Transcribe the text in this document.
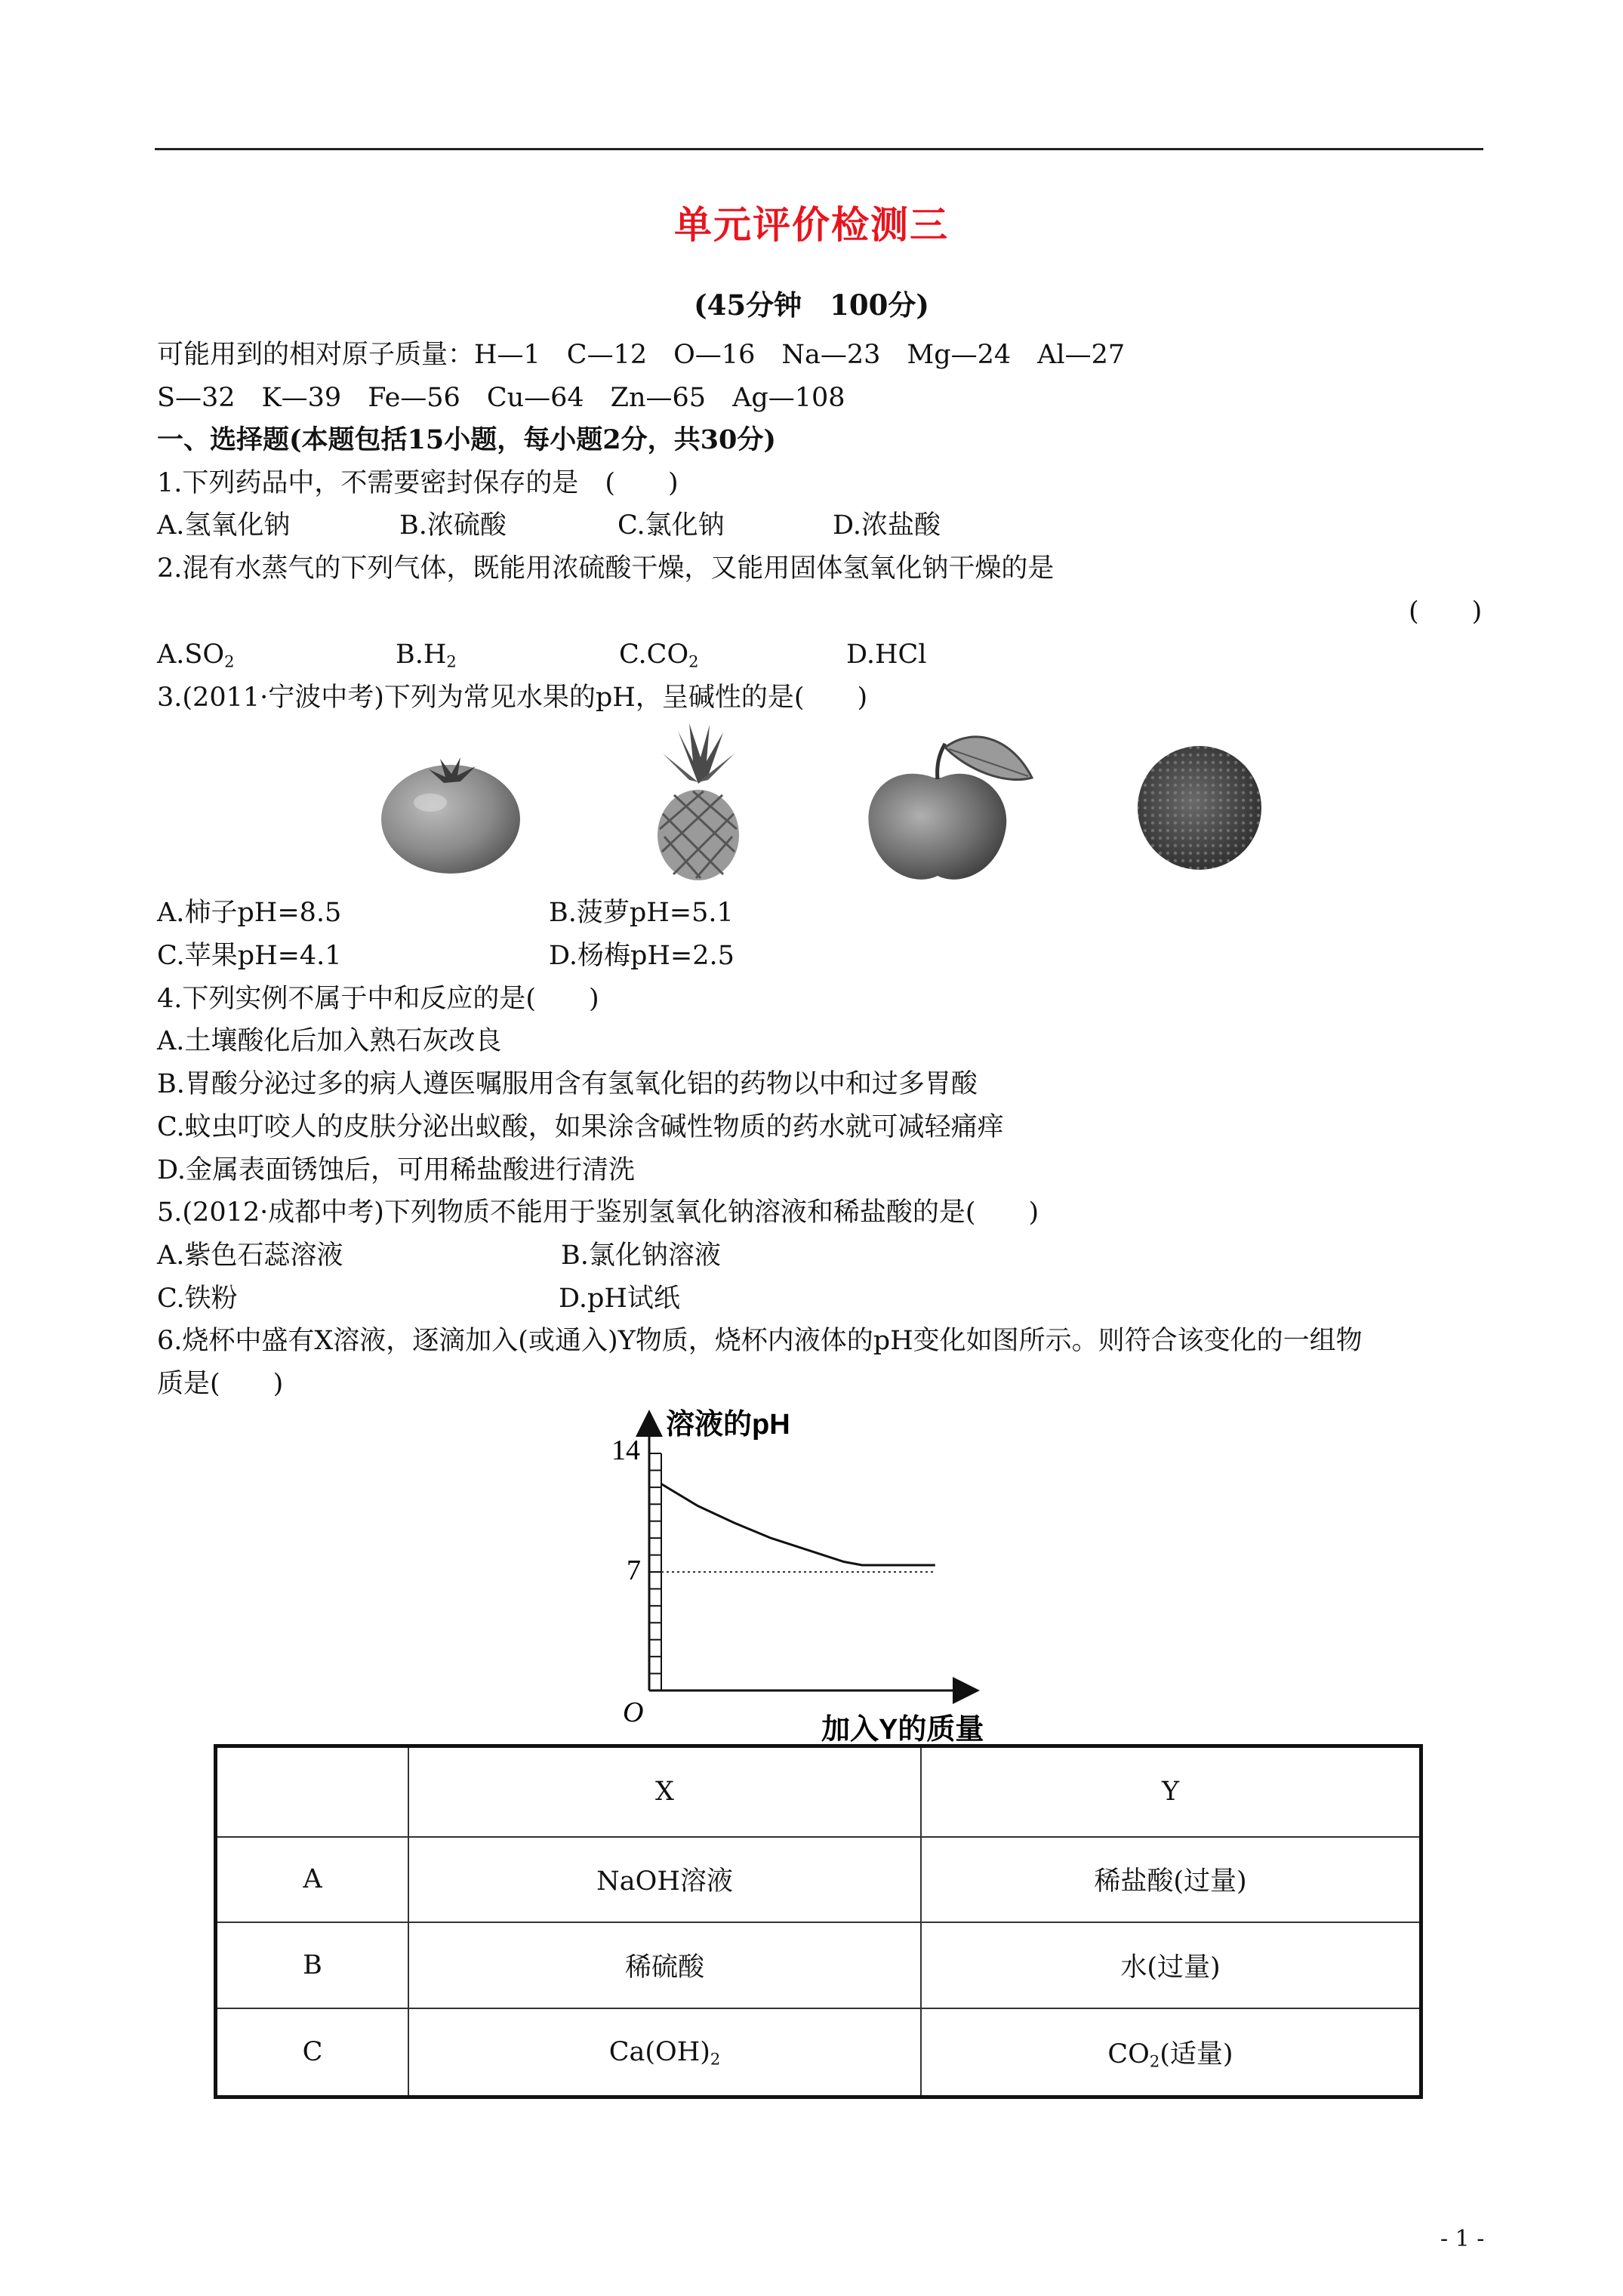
单元评价检测三
(45分钟　100分)
可能用到的相对原子质量：H—1　C—12　O—16　Na—23　Mg—24　Al—27
S—32　K—39　Fe—56　Cu—64　Zn—65　Ag—108
一、选择题(本题包括15小题，每小题2分，共30分)
1.下列药品中，不需要密封保存的是　(　　)
A.氢氧化钠	B.浓硫酸	C.氯化钠	D.浓盐酸
2.混有水蒸气的下列气体，既能用浓硫酸干燥，又能用固体氢氧化钠干燥的是
(　　)
$A.SO_2$	$B.H_2$	$C.CO_2$	D.HCl
3.(2011·宁波中考)下列为常见水果的pH，呈碱性的是(　　)
A.柿子pH=8.5	B.菠萝pH=5.1
C.苹果pH=4.1	D.杨梅pH=2.5
4.下列实例不属于中和反应的是(　　)
A.土壤酸化后加入熟石灰改良
B.胃酸分泌过多的病人遵医嘱服用含有氢氧化铝的药物以中和过多胃酸
C.蚊虫叮咬人的皮肤分泌出蚁酸，如果涂含碱性物质的药水就可减轻痛痒
D.金属表面锈蚀后，可用稀盐酸进行清洗
5.(2012·成都中考)下列物质不能用于鉴别氢氧化钠溶液和稀盐酸的是(　　)
A.紫色石蕊溶液	B.氯化钠溶液
C.铁粉	D.pH试纸
6.烧杯中盛有X溶液，逐滴加入(或通入)Y物质，烧杯内液体的pH变化如图所示。则符合该变化的一组物
质是(　　)
溶液的pH
14
7
O
加入Y的质量
	X	Y
A	NaOH溶液	稀盐酸(过量)
B	稀硫酸	水(过量)
C	$Ca(OH)_2$	$CO_2$(适量)
- 1 -
